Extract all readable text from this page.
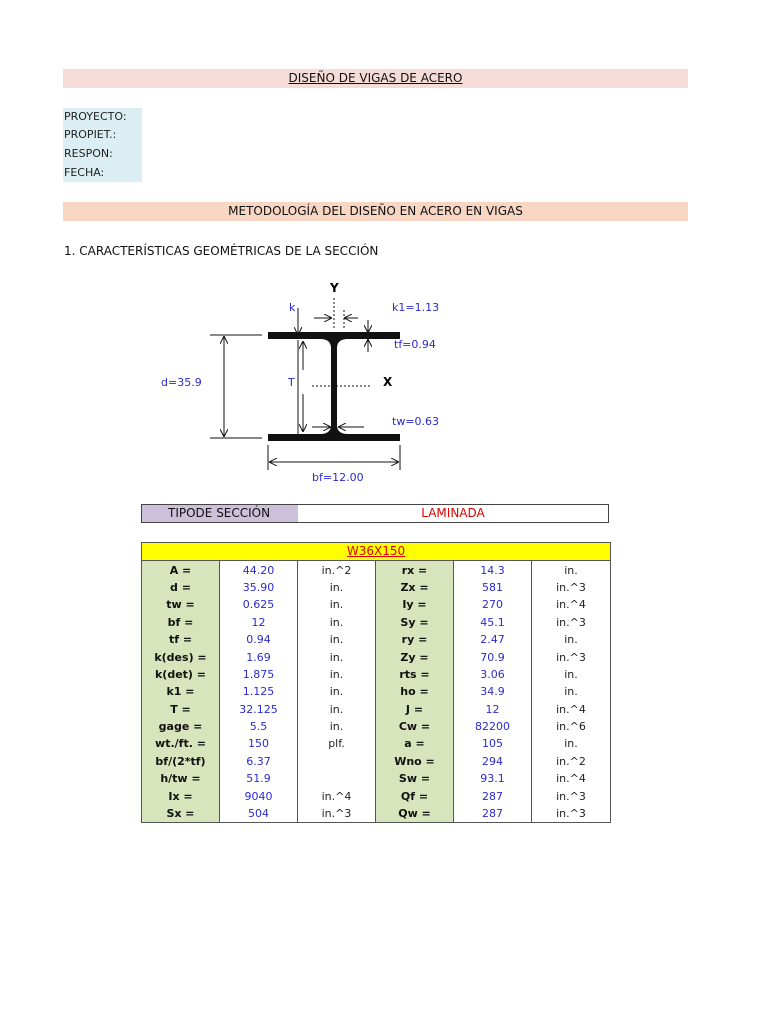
DISEÑO DE VIGAS DE ACERO
PROYECTO:
PROPIET.:
RESPON:
FECHA:
METODOLOGÍA DEL DISEÑO EN ACERO EN VIGAS
1. CARACTERÍSTICAS GEOMÉTRICAS DE LA SECCIÓN
Y
X
k	k1=1.13
tf=0.94
d=35.9	T
tw=0.63
bf=12.00
TIPODE SECCIÓN	LAMINADA
W36X150					
A =	44.20	in.^2	rx =	14.3	in.
d =	35.90	in.	Zx =	581	in.^3
tw =	0.625	in.	Iy =	270	in.^4
bf =	12	in.	Sy =	45.1	in.^3
tf =	0.94	in.	ry =	2.47	in.
k(des) =	1.69	in.	Zy =	70.9	in.^3
k(det) =	1.875	in.	rts =	3.06	in.
k1 =	1.125	in.	ho =	34.9	in.
T =	32.125	in.	J =	12	in.^4
gage =	5.5	in.	Cw =	82200	in.^6
wt./ft. =	150	plf.	a =	105	in.
bf/(2*tf)	6.37		Wno =	294	in.^2
h/tw =	51.9		Sw =	93.1	in.^4
Ix =	9040	in.^4	Qf =	287	in.^3
Sx =	504	in.^3	Qw =	287	in.^3
